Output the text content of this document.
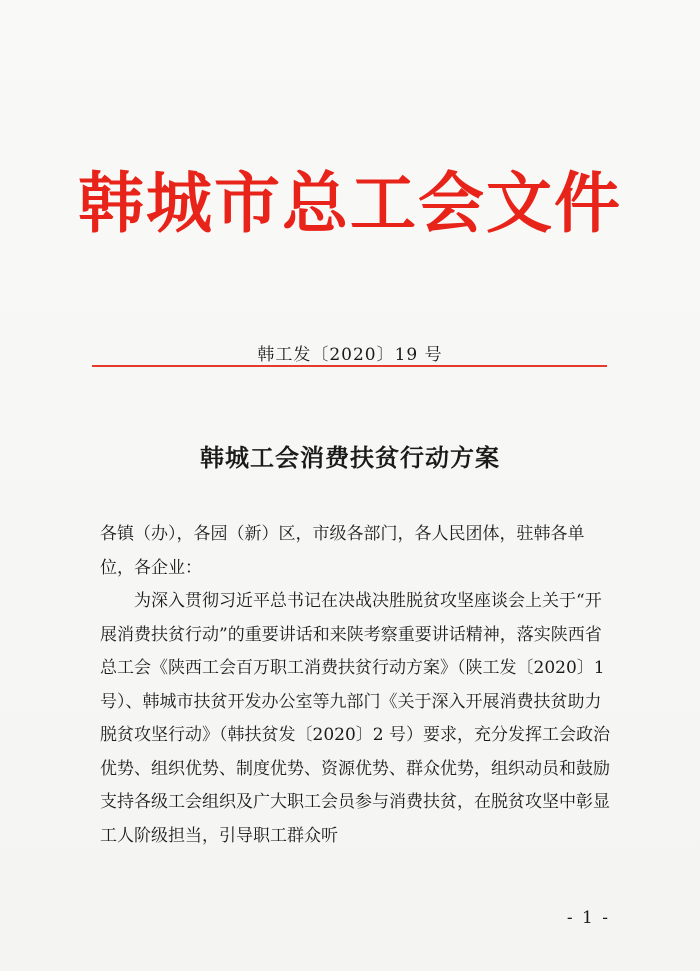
韩城市总工会文件
韩工发〔2020〕19 号
韩城工会消费扶贫行动方案

各镇（办），各园（新）区，市级各部门，各人民团体，驻韩各单位，各企业：

为深入贯彻习近平总书记在决战决胜脱贫攻坚座谈会上关于“开展消费扶贫行动”的重要讲话和来陕考察重要讲话精神，落实陕西省总工会《陕西工会百万职工消费扶贫行动方案》（陕工发〔2020〕1 号）、韩城市扶贫开发办公室等九部门《关于深入开展消费扶贫助力脱贫攻坚行动》（韩扶贫发〔2020〕2 号）要求，充分发挥工会政治优势、组织优势、制度优势、资源优势、群众优势，组织动员和鼓励支持各级工会组织及广大职工会员参与消费扶贫，在脱贫攻坚中彰显工人阶级担当，引导职工群众听

- 1 -
